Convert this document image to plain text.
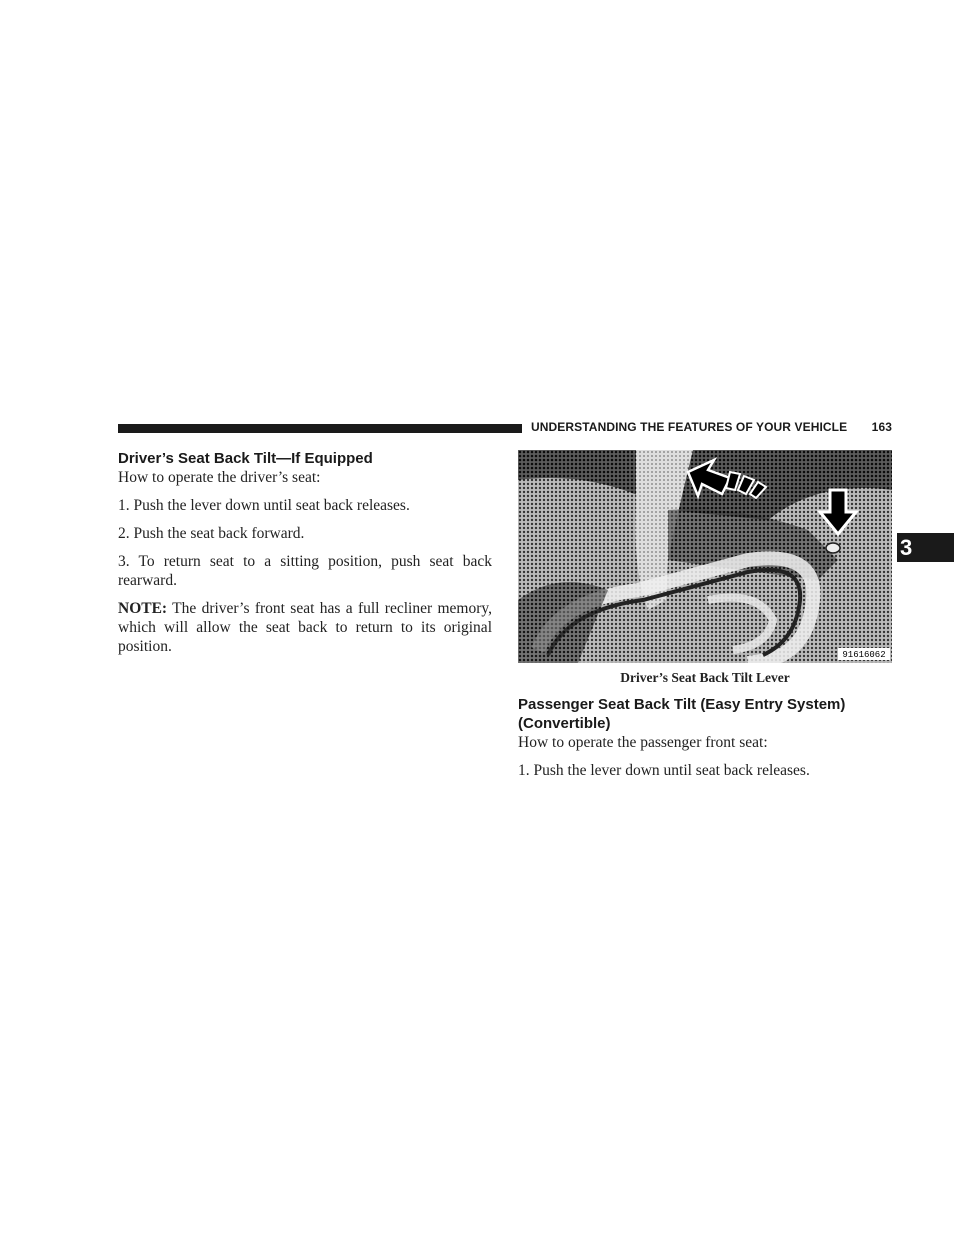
UNDERSTANDING THE FEATURES OF YOUR VEHICLE 163
3
Driver’s Seat Back Tilt—If Equipped

How to operate the driver’s seat:

1. Push the lever down until seat back releases.

2. Push the seat back forward.

3. To return seat to a sitting position, push seat back rearward.

NOTE: The driver’s front seat has a full recliner memory, which will allow the seat back to return to its original position.	91616062
Driver’s Seat Back Tilt Lever
Passenger Seat Back Tilt (Easy Entry System)
(Convertible)

How to operate the passenger front seat:

1. Push the lever down until seat back releases.
